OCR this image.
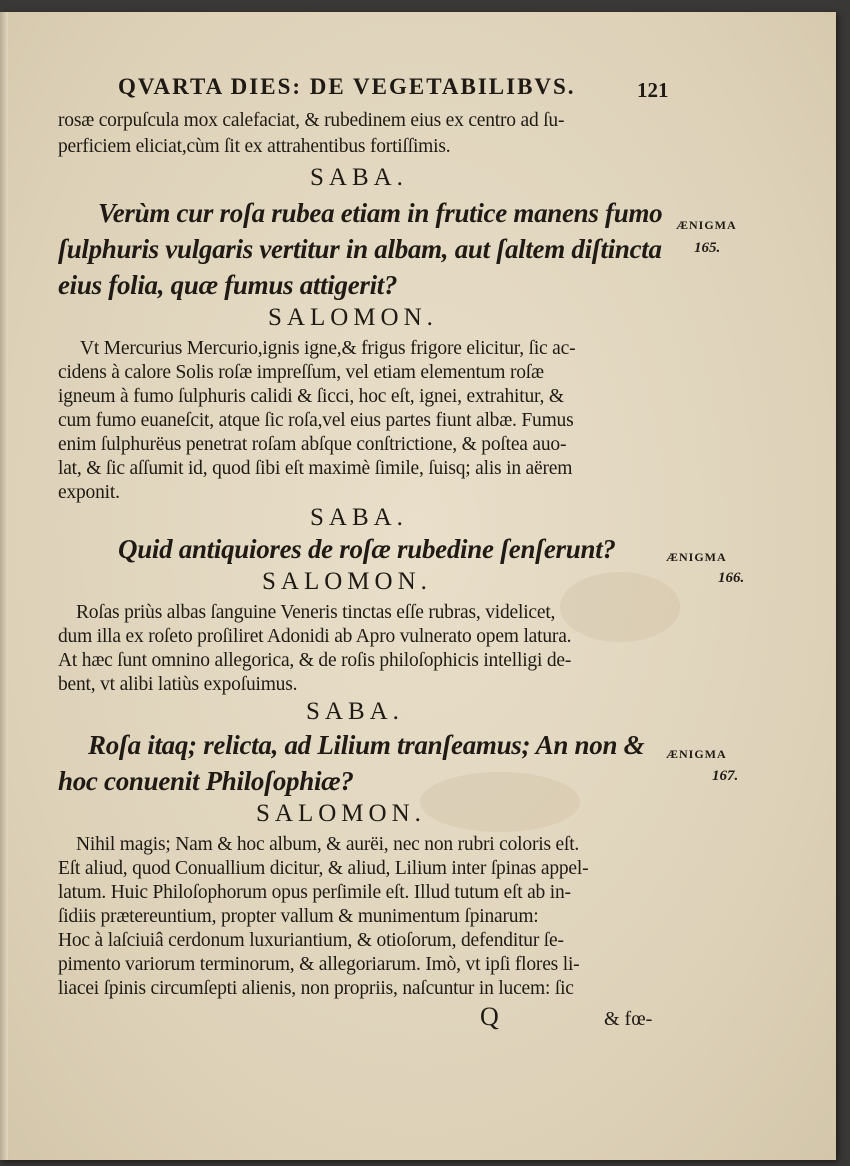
QVARTA DIES: DE VEGETABILIBVS.	121
rosæ corpuſcula mox calefaciat, & rubedinem eius ex centro ad ſu-
perficiem eliciat,cùm ſit ex attrahentibus fortiſſimis.
SABA.
Verùm cur roſa rubea etiam in frutice manens fumo
ſulphuris vulgaris vertitur in albam, aut ſaltem diſtincta
eius folia, quæ fumus attigerit?
ÆNIGMA
165.
SALOMON.
Vt Mercurius Mercurio,ignis igne,& frigus frigore elicitur, ſic ac-
cidens à calore Solis roſæ impreſſum, vel etiam elementum roſæ
igneum à fumo ſulphuris calidi & ſicci, hoc eſt, ignei, extrahitur, &
cum fumo euaneſcit, atque ſic roſa,vel eius partes fiunt albæ. Fumus
enim ſulphurëus penetrat roſam abſque conſtrictione, & poſtea auo-
lat, & ſic aſſumit id, quod ſibi eſt maximè ſimile, ſuisq; alis in aërem
exponit.
SABA.
Quid antiquiores de roſæ rubedine ſenſerunt?	ÆNIGMA
166.
SALOMON.
Roſas priùs albas ſanguine Veneris tinctas eſſe rubras, videlicet,
dum illa ex roſeto proſiliret Adonidi ab Apro vulnerato opem latura.
At hæc ſunt omnino allegorica, & de roſis philoſophicis intelligi de-
bent, vt alibi latiùs expoſuimus.
SABA.
Roſa itaq; relicta, ad Lilium tranſeamus; An non &
hoc conuenit Philoſophiæ?
ÆNIGMA
167.
SALOMON.
Nihil magis; Nam & hoc album, & aurëi, nec non rubri coloris eſt.
Eſt aliud, quod Conuallium dicitur, & aliud, Lilium inter ſpinas appel-
latum. Huic Philoſophorum opus perſimile eſt. Illud tutum eſt ab in-
ſidiis prætereuntium, propter vallum & munimentum ſpinarum:
Hoc à laſciuiâ cerdonum luxuriantium, & otioſorum, defenditur ſe-
pimento variorum terminorum, & allegoriarum. Imò, vt ipſi flores li-
liacei ſpinis circumſepti alienis, non propriis, naſcuntur in lucem: ſic
Q	& fœ-
